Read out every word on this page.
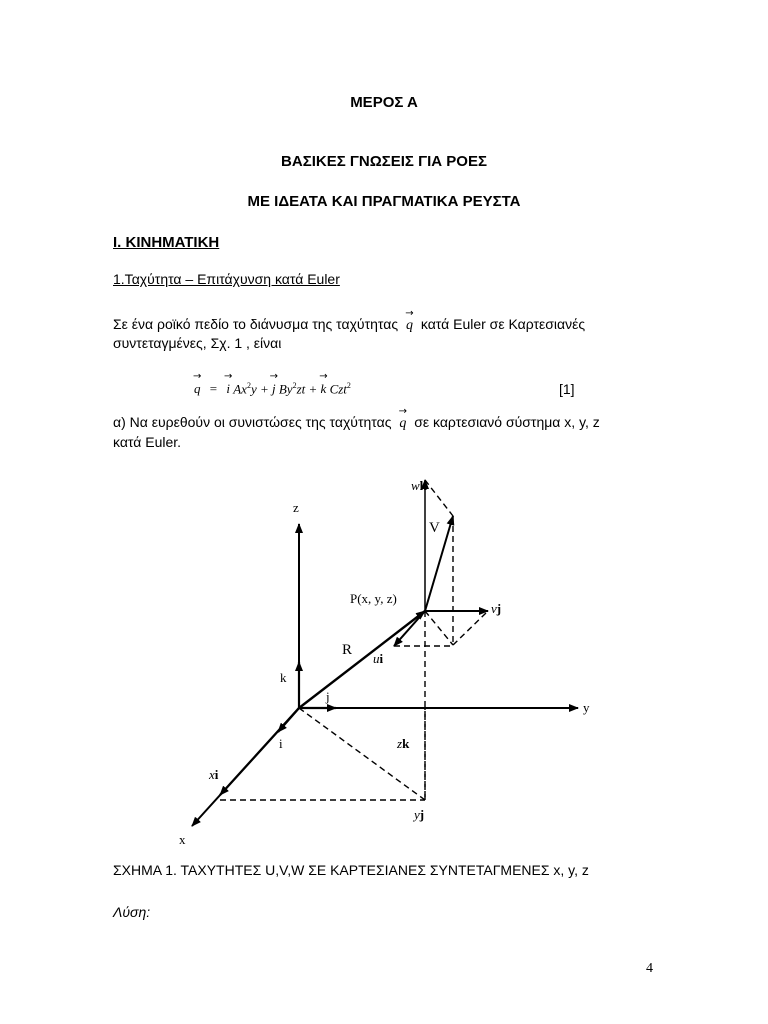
ΜΕΡΟΣ Α
ΒΑΣΙΚΕΣ ΓΝΩΣΕΙΣ ΓΙΑ ΡΟΕΣ
ΜΕ ΙΔΕΑΤΑ ΚΑΙ ΠΡΑΓΜΑΤΙΚΑ ΡΕΥΣΤΑ
I. ΚΙΝΗΜΑΤΙΚΗ
1.Ταχύτητα – Επιτάχυνση κατά Euler
Σε ένα ροϊκό πεδίο το διάνυσμα της ταχύτητας → q κατά Euler σε Καρτεσιανές
συντεταγμένες, Σχ. 1 , είναι
→ q = → i $Ax^2y$ + → j $By^2zt$ + → k Czt$^2$	[1]
α) Να ευρεθούν οι συνιστώσες της ταχύτητας → q σε καρτεσιανό σύστημα x, y, z
κατά Euler.
z
y
x
wk
V
P(x, y, z)
vj
R
ui
k
j
i	zk
xi
yj
ΣΧΗΜΑ 1. ΤΑΧΥΤΗΤΕΣ U,V,W ΣΕ ΚΑΡΤΕΣΙΑΝΕΣ ΣΥΝΤΕΤΑΓΜΕΝΕΣ x, y, z
Λύση:
4
